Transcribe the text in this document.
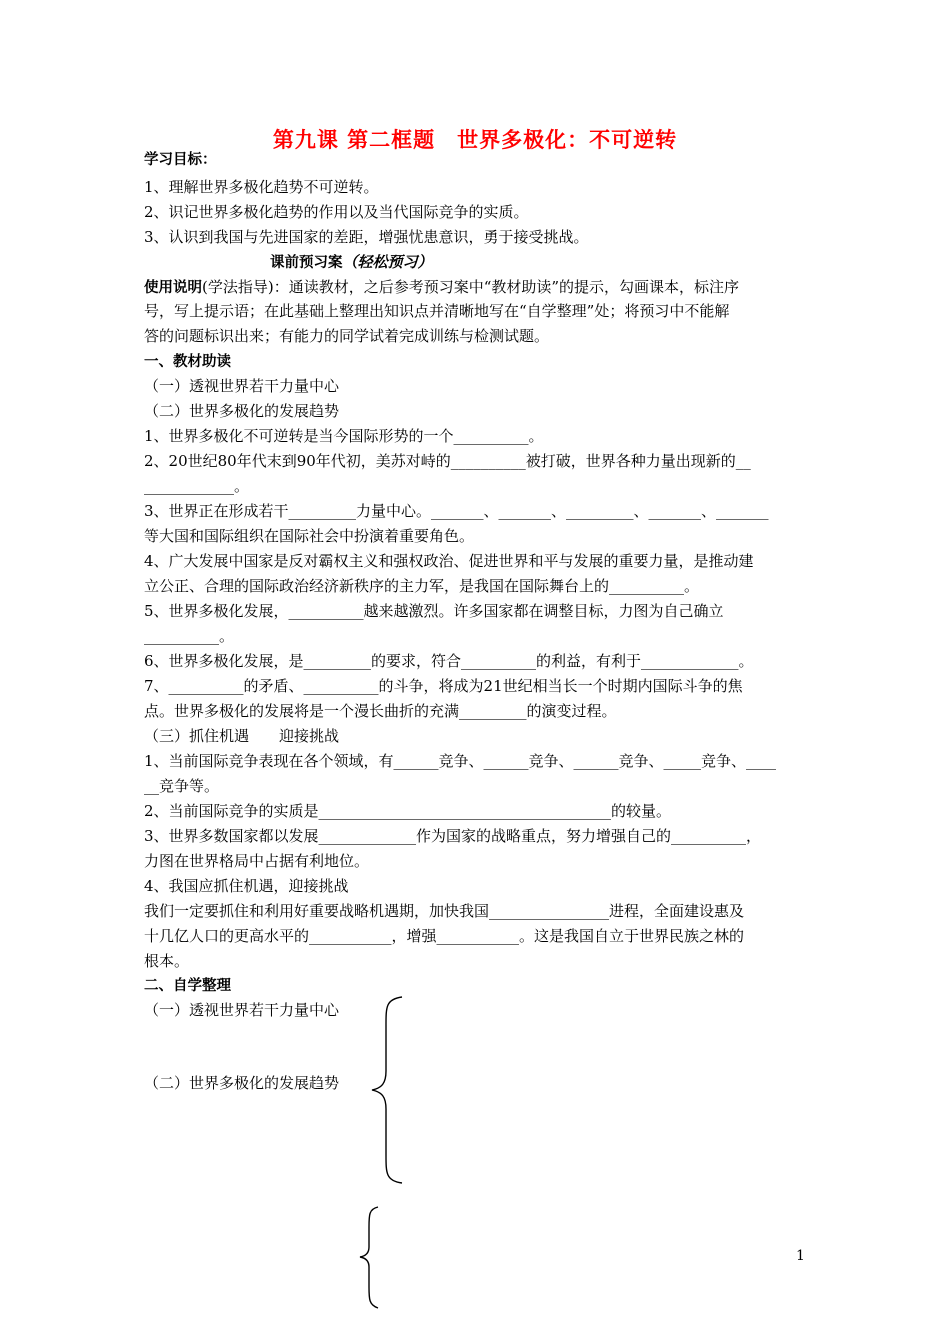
第九课 第二框题 世界多极化：不可逆转
学习目标：
1、理解世界多极化趋势不可逆转。
2、识记世界多极化趋势的作用以及当代国际竞争的实质。
3、认识到我国与先进国家的差距，增强忧患意识，勇于接受挑战。
课前预习案（轻松预习）
使用说明(学法指导)：通读教材，之后参考预习案中“教材助读”的提示，勾画课本，标注序
号，写上提示语；在此基础上整理出知识点并清晰地写在“自学整理”处；将预习中不能解
答的问题标识出来；有能力的同学试着完成训练与检测试题。
一、教材助读
（一）透视世界若干力量中心
（二）世界多极化的发展趋势
1、世界多极化不可逆转是当今国际形势的一个__________。
2、20世纪80年代末到90年代初，美苏对峙的__________被打破，世界各种力量出现新的__
____________。
3、世界正在形成若干_________力量中心。_______、_______、_________、_______、_______
等大国和国际组织在国际社会中扮演着重要角色。
4、广大发展中国家是反对霸权主义和强权政治、促进世界和平与发展的重要力量，是推动建
立公正、合理的国际政治经济新秩序的主力军，是我国在国际舞台上的__________。
5、世界多极化发展，__________越来越激烈。许多国家都在调整目标，力图为自己确立
__________。
6、世界多极化发展，是_________的要求，符合__________的利益，有利于_____________。
7、__________的矛盾、__________的斗争，将成为21世纪相当长一个时期内国际斗争的焦
点。世界多极化的发展将是一个漫长曲折的充满_________的演变过程。
（三）抓住机遇　　迎接挑战
1、当前国际竞争表现在各个领域，有______竞争、______竞争、______竞争、_____竞争、____
__竞争等。
2、当前国际竞争的实质是_______________________________________的较量。
3、世界多数国家都以发展_____________作为国家的战略重点，努力增强自己的__________，
力图在世界格局中占据有利地位。
4、我国应抓住机遇，迎接挑战
我们一定要抓住和利用好重要战略机遇期，加快我国________________进程，全面建设惠及
十几亿人口的更高水平的___________，增强___________。这是我国自立于世界民族之林的
根本。
二、自学整理
（一）透视世界若干力量中心
（二）世界多极化的发展趋势
1
